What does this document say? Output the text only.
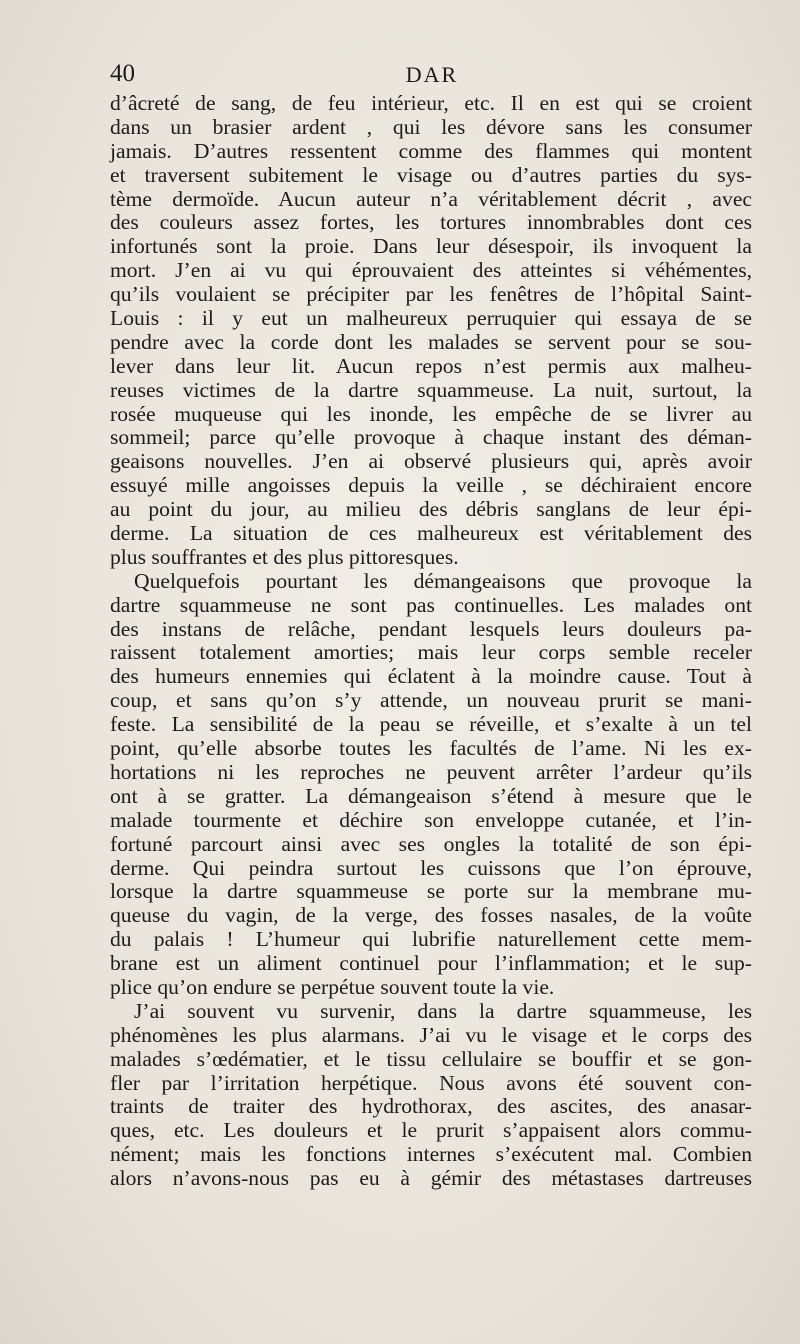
40	DAR
d’âcreté de sang, de feu intérieur, etc. Il en est qui se croient
dans un brasier ardent , qui les dévore sans les consumer
jamais. D’autres ressentent comme des flammes qui montent
et traversent subitement le visage ou d’autres parties du sys-
tème dermoïde. Aucun auteur n’a véritablement décrit , avec
des couleurs assez fortes, les tortures innombrables dont ces
infortunés sont la proie. Dans leur désespoir, ils invoquent la
mort. J’en ai vu qui éprouvaient des atteintes si véhémentes,
qu’ils voulaient se précipiter par les fenêtres de l’hôpital Saint-
Louis : il y eut un malheureux perruquier qui essaya de se
pendre avec la corde dont les malades se servent pour se sou-
lever dans leur lit. Aucun repos n’est permis aux malheu-
reuses victimes de la dartre squammeuse. La nuit, surtout, la
rosée muqueuse qui les inonde, les empêche de se livrer au
sommeil; parce qu’elle provoque à chaque instant des déman-
geaisons nouvelles. J’en ai observé plusieurs qui, après avoir
essuyé mille angoisses depuis la veille , se déchiraient encore
au point du jour, au milieu des débris sanglans de leur épi-
derme. La situation de ces malheureux est véritablement des
plus souffrantes et des plus pittoresques.
Quelquefois pourtant les démangeaisons que provoque la
dartre squammeuse ne sont pas continuelles. Les malades ont
des instans de relâche, pendant lesquels leurs douleurs pa-
raissent totalement amorties; mais leur corps semble receler
des humeurs ennemies qui éclatent à la moindre cause. Tout à
coup, et sans qu’on s’y attende, un nouveau prurit se mani-
feste. La sensibilité de la peau se réveille, et s’exalte à un tel
point, qu’elle absorbe toutes les facultés de l’ame. Ni les ex-
hortations ni les reproches ne peuvent arrêter l’ardeur qu’ils
ont à se gratter. La démangeaison s’étend à mesure que le
malade tourmente et déchire son enveloppe cutanée, et l’in-
fortuné parcourt ainsi avec ses ongles la totalité de son épi-
derme. Qui peindra surtout les cuissons que l’on éprouve,
lorsque la dartre squammeuse se porte sur la membrane mu-
queuse du vagin, de la verge, des fosses nasales, de la voûte
du palais ! L’humeur qui lubrifie naturellement cette mem-
brane est un aliment continuel pour l’inflammation; et le sup-
plice qu’on endure se perpétue souvent toute la vie.
J’ai souvent vu survenir, dans la dartre squammeuse, les
phénomènes les plus alarmans. J’ai vu le visage et le corps des
malades s’œdématier, et le tissu cellulaire se bouffir et se gon-
fler par l’irritation herpétique. Nous avons été souvent con-
traints de traiter des hydrothorax, des ascites, des anasar-
ques, etc. Les douleurs et le prurit s’appaisent alors commu-
nément; mais les fonctions internes s’exécutent mal. Combien
alors n’avons-nous pas eu à gémir des métastases dartreuses
